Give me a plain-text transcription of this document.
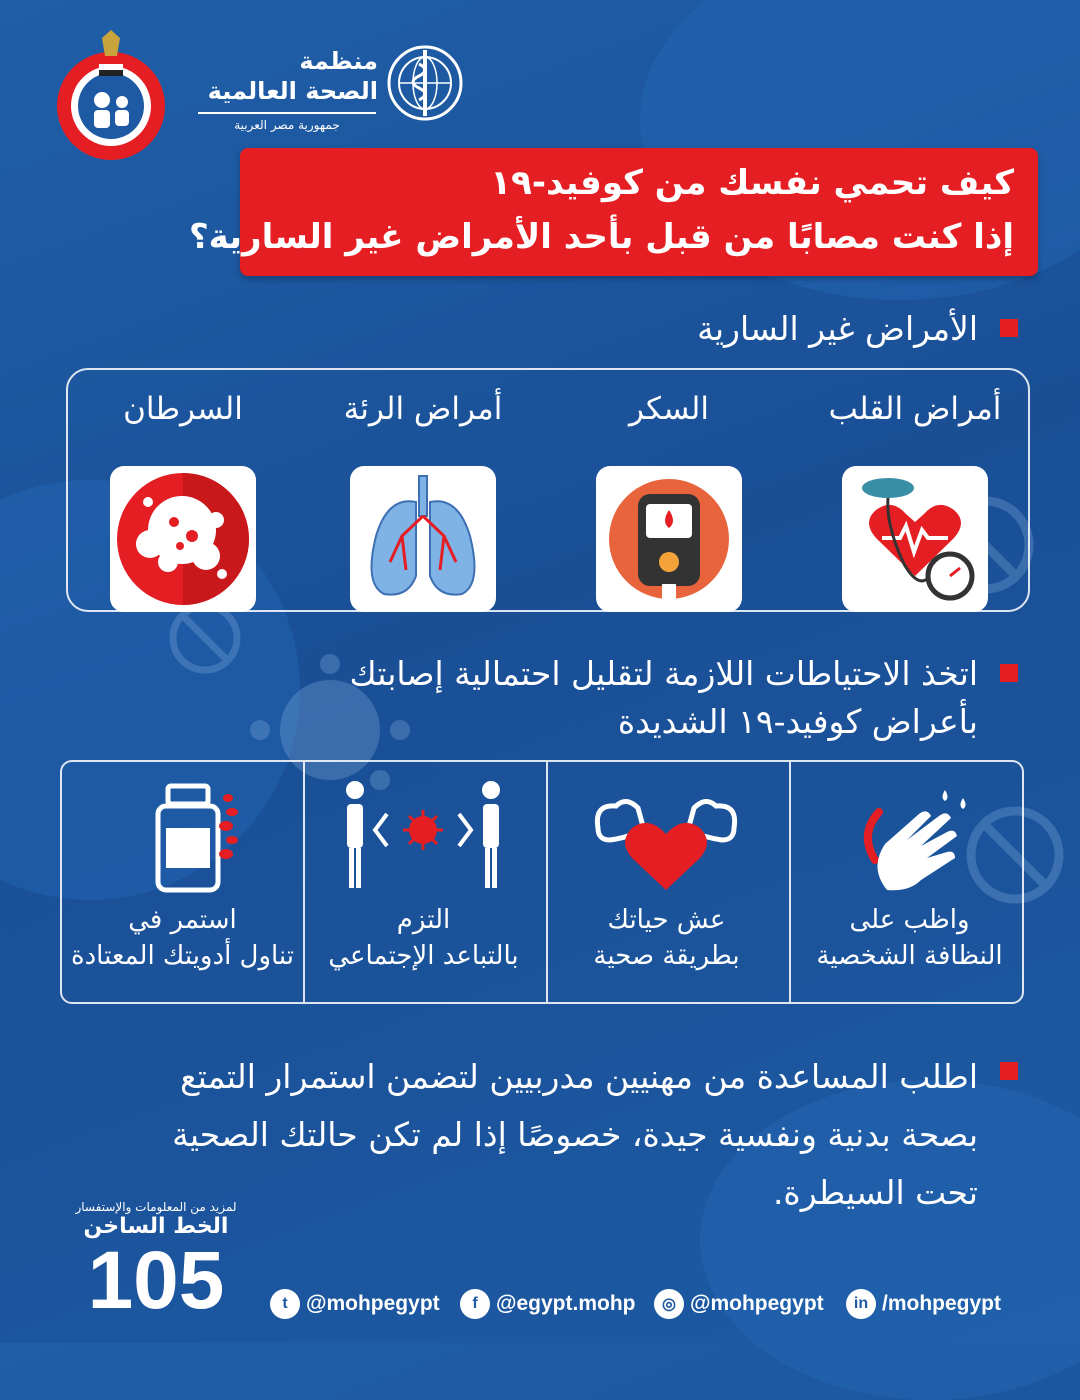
منظمة
الصحة العالمية
جمهورية مصر العربية
كيف تحمي نفسك من كوفيد-١٩
إذا كنت مصابًا من قبل بأحد الأمراض غير السارية؟
الأمراض غير السارية
أمراض القلب
السكر
أمراض الرئة
السرطان
اتخذ الاحتياطات اللازمة لتقليل احتمالية إصابتك
بأعراض كوفيد-١٩ الشديدة
واظب على
النظافة الشخصية
عش حياتك
بطريقة صحية
التزم
بالتباعد الإجتماعي
استمر في
تناول أدويتك المعتادة
اطلب المساعدة من مهنيين مدربيين لتضمن استمرار التمتع
بصحة بدنية ونفسية جيدة، خصوصًا إذا لم تكن حالتك الصحية
تحت السيطرة.
لمزيد من المعلومات والإستفسار
الخط الساخن
105	t @mohpegypt	f @egypt.mohp	◎ @mohpegypt	in /mohpegypt
